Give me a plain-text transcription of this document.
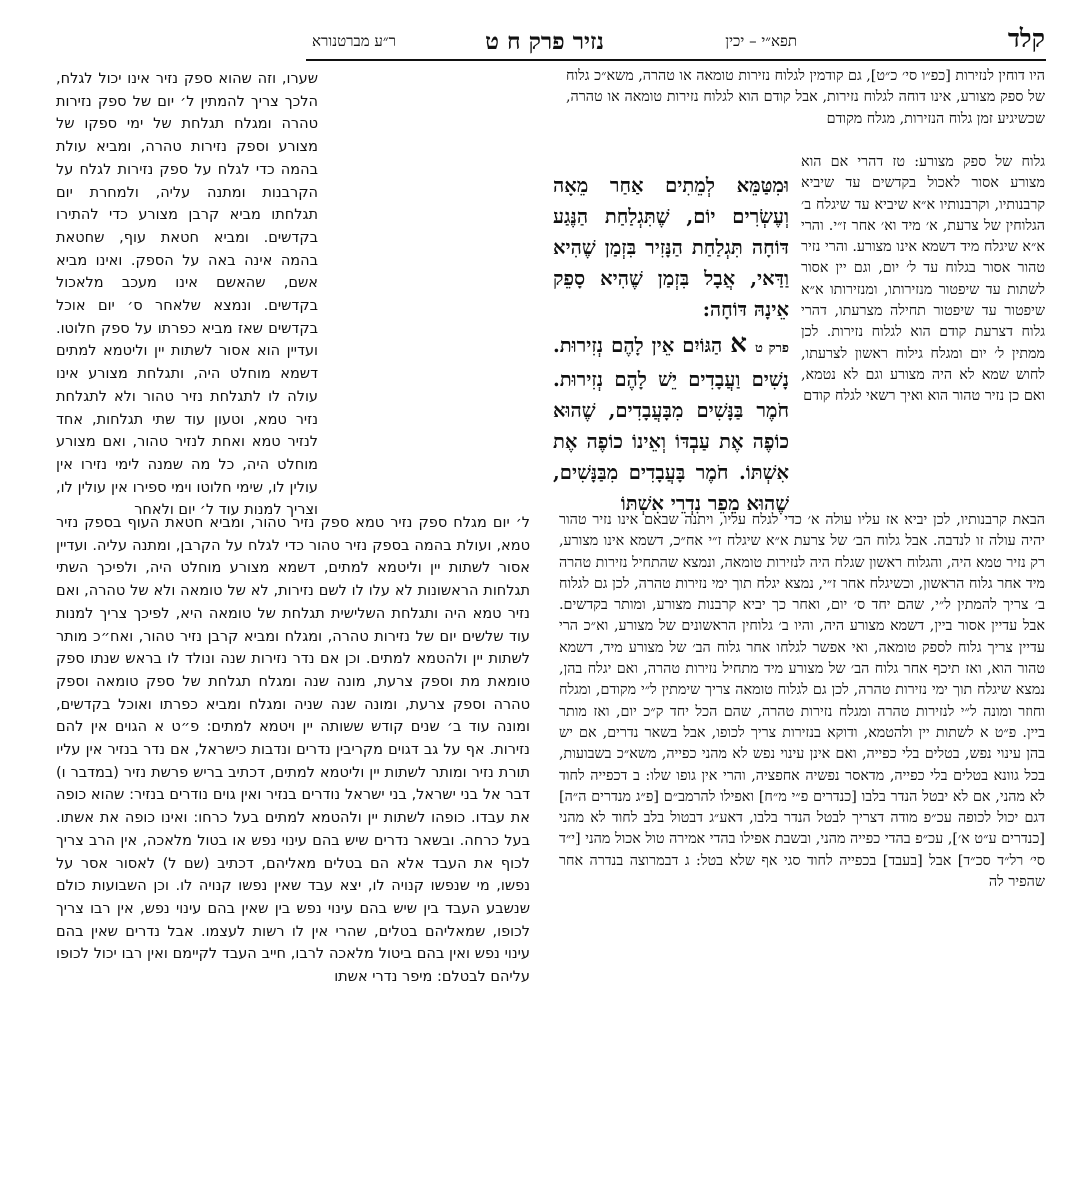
קלד
תפא״י – יכין
נזיר פרק ח ט
ר״ע מברטנורא

היו דוחין לנזירות [כפ״ו סי׳ כ״ט], גם קודמין לגלוח נזירות טומאה או טהרה, משא״כ גלוח של ספק מצורע, אינו דוחה לגלוח נזירות, אבל קודם הוא לגלוח נזירות טומאה או טהרה, שכשיגיע זמן גלוח הנזירות, מגלח מקודם

גלוח של ספק מצורע: טז דהרי אם הוא מצורע אסור לאכול בקדשים עד שיביא קרבנותיו, וקרבנותיו א״א שיביא עד שיגלח ב׳ הגלוחין של צרעת, א׳ מיד וא׳ אחר ז״י. והרי א״א שיגלח מיד דשמא אינו מצורע. והרי נזיר טהור אסור בגלוח עד ל׳ יום, וגם יין אסור לשתות עד שיפטור מנזירותו, ומנזירותו א״א שיפטור עד שיפטור תחילה מצרעתו, דהרי גלוח דצרעת קודם הוא לגלוח נזירות. לכן ממתין ל׳ יום ומגלח גילוח ראשון לצרעתו, לחוש שמא לא היה מצורע וגם לא נטמא, ואם כן נזיר טהור הוא ואיך רשאי לגלח קודם

הבאת קרבנותיו, לכן יביא אז עליו עולה א׳ כדי לגלח עליו, ויתנה שבאם אינו נזיר טהור יהיה עולה זו לנדבה. אבל גלוח הב׳ של צרעת א״א שיגלח ז״י אח״כ, דשמא אינו מצורע, רק נזיר טמא היה, והגלוח ראשון שגלח היה לנזירות טומאה, ונמצא שהתחיל נזירות טהרה מיד אחר גלוח הראשון, וכשיגלח אחר ז״י, נמצא יגלח תוך ימי נזירות טהרה, לכן גם לגלוח ב׳ צריך להמתין ל״י, שהם יחד ס׳ יום, ואחר כך יביא קרבנות מצורע, ומותר בקדשים. אבל עדיין אסור ביין, דשמא מצורע היה, והיו ב׳ גלוחין הראשונים של מצורע, וא״כ הרי עדיין צריך גלוח לספק טומאה, ואי אפשר לגלחו אחר גלוח הב׳ של מצורע מיד, דשמא טהור הוא, ואז תיכף אחר גלוח הב׳ של מצורע מיד מתחיל נזירות טהרה, ואם יגלח בהן, נמצא שיגלח תוך ימי נזירות טהרה, לכן גם לגלוח טומאה צריך שימתין ל״י מקודם, ומגלח וחוזר ומונה ל״י לנזירות טהרה ומגלח נזירות טהרה, שהם הכל יחד ק״כ יום, ואז מותר ביין. פ״ט א לשתות יין ולהטמא, ודוקא בנזירות צריך לכופו, אבל בשאר נדרים, אם יש בהן עינוי נפש, בטלים בלי כפייה, ואם אינן עינוי נפש לא מהני כפייה, משא״כ בשבועות, בכל גוונא בטלים בלי כפייה, מדאסר נפשיה אחפציה, והרי אין גופו שלו: ב דכפייה לחוד לא מהני, אם לא יבטל הנדר בלבו [כנדרים פ״י מ״ח] ואפילו להרמב״ם [פ״ג מנדרים ה״ה] דגם יכול לכופה עכ״פ מודה דצריך לבטל הנדר בלבו, דאע״ג דבטול בלב לחוד לא מהני [כנדרים ע״ט א׳], עכ״פ בהדי כפייה מהני, ובשבת אפילו בהדי אמירה טול אכול מהני [י״ד סי׳ רל״ד סכ״ד] אבל [בעבד] בכפייה לחוד סגי אף שלא בטל: ג דבמרוצה בנדרה אחר שהפיר לה

וּמִטַּמֵּא לְמֵתִים אַחַר מֵאָה וְעֶשְׂרִים יוֹם, שֶׁתִּגְלַחַת הַנֶּגַע דּוֹחָה תִּגְלַחַת הַנָּזִיר בִּזְמַן שֶׁהִיא וַדַּאי, אֲבָל בִּזְמַן שֶׁהִיא סָפֵק אֵינָהּ דּוֹחָה:

פרק ט א הַגּוֹיִם אֵין לָהֶם נְזִירוּת. נָשִׁים וַעֲבָדִים יֵשׁ לָהֶם נְזִירוּת. חֹמֶר בַּנָּשִׁים מִבָּעֲבָדִים, שֶׁהוּא כוֹפֶה אֶת עַבְדּוֹ וְאֵינוֹ כוֹפֶה אֶת אִשְׁתּוֹ. חֹמֶר בָּעֲבָדִים מִבַּנָּשִׁים, שֶׁהוּא מֵפֵר נִדְרֵי אִשְׁתּוֹ

שערו, וזה שהוא ספק נזיר אינו יכול לגלח, הלכך צריך להמתין ל׳ יום של ספק נזירות טהרה ומגלח תגלחת של ימי ספקו של מצורע וספק נזירות טהרה, ומביא עולת בהמה כדי לגלח על ספק נזירות לגלח על הקרבנות ומתנה עליה, ולמחרת יום תגלחתו מביא קרבן מצורע כדי להתירו בקדשים. ומביא חטאת עוף, שחטאת בהמה אינה באה על הספק. ואינו מביא אשם, שהאשם אינו מעכב מלאכול בקדשים. ונמצא שלאחר ס׳ יום אוכל בקדשים שאז מביא כפרתו על ספק חלוטו. ועדיין הוא אסור לשתות יין וליטמא למתים דשמא מוחלט היה, ותגלחת מצורע אינו עולה לו לתגלחת נזיר טהור ולא לתגלחת נזיר טמא, וטעון עוד שתי תגלחות, אחד לנזיר טמא ואחת לנזיר טהור, ואם מצורע מוחלט היה, כל מה שמנה לימי נזירו אין עולין לו, שימי חלוטו וימי ספירו אין עולין לו, וצריך למנות עוד ל׳ יום ולאחר

ל׳ יום מגלח ספק נזיר טמא ספק נזיר טהור, ומביא חטאת העוף בספק נזיר טמא, ועולת בהמה בספק נזיר טהור כדי לגלח על הקרבן, ומתנה עליה. ועדיין אסור לשתות יין וליטמא למתים, דשמא מצורע מוחלט היה, ולפיכך השתי תגלחות הראשונות לא עלו לו לשם נזירות, לא של טומאה ולא של טהרה, ואם נזיר טמא היה ותגלחת השלישית תגלחת של טומאה היא, לפיכך צריך למנות עוד שלשים יום של נזירות טהרה, ומגלח ומביא קרבן נזיר טהור, ואח״כ מותר לשתות יין ולהטמא למתים. וכן אם נדר נזירות שנה ונולד לו בראש שנתו ספק טומאת מת וספק צרעת, מונה שנה ומגלח תגלחת של ספק טומאה וספק טהרה וספק צרעת, ומונה שנה שניה ומגלח ומביא כפרתו ואוכל בקדשים, ומונה עוד ב׳ שנים קודש ששותה יין ויטמא למתים: פ״ט א הגוים אין להם נזירות. אף על גב דגוים מקריבין נדרים ונדבות כישראל, אם נדר בנזיר אין עליו תורת נזיר ומותר לשתות יין וליטמא למתים, דכתיב בריש פרשת נזיר (במדבר ו) דבר אל בני ישראל, בני ישראל נודרים בנזיר ואין גוים נודרים בנזיר: שהוא כופה את עבדו. כופהו לשתות יין ולהטמא למתים בעל כרחו: ואינו כופה את אשתו. בעל כרחה. ובשאר נדרים שיש בהם עינוי נפש או בטול מלאכה, אין הרב צריך לכוף את העבד אלא הם בטלים מאליהם, דכתיב (שם ל) לאסור אסר על נפשו, מי שנפשו קנויה לו, יצא עבד שאין נפשו קנויה לו. וכן השבועות כולם שנשבע העבד בין שיש בהם עינוי נפש בין שאין בהם עינוי נפש, אין רבו צריך לכופו, שמאליהם בטלים, שהרי אין לו רשות לעצמו. אבל נדרים שאין בהם עינוי נפש ואין בהם ביטול מלאכה לרבו, חייב העבד לקיימם ואין רבו יכול לכופו עליהם לבטלם: מיפר נדרי אשתו
